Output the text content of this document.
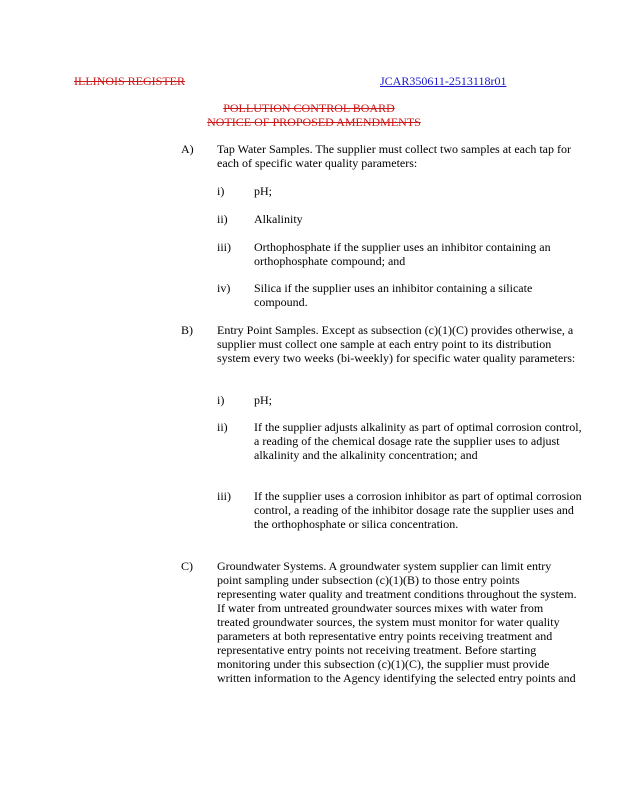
ILLINOIS REGISTER	JCAR350611-2513118r01
POLLUTION CONTROL BOARD
NOTICE OF PROPOSED AMENDMENTS
A) Tap Water Samples. The supplier must collect two samples at each tap for each of specific water quality parameters:

i) pH;

ii) Alkalinity

iii) Orthophosphate if the supplier uses an inhibitor containing an orthophosphate compound; and

iv) Silica if the supplier uses an inhibitor containing a silicate compound.

B) Entry Point Samples. Except as subsection (c)(1)(C) provides otherwise, a supplier must collect one sample at each entry point to its distribution system every two weeks (bi-weekly) for specific water quality parameters:

i) pH;

ii) If the supplier adjusts alkalinity as part of optimal corrosion control, a reading of the chemical dosage rate the supplier uses to adjust alkalinity and the alkalinity concentration; and

iii) If the supplier uses a corrosion inhibitor as part of optimal corrosion control, a reading of the inhibitor dosage rate the supplier uses and the orthophosphate or silica concentration.

C) Groundwater Systems. A groundwater system supplier can limit entry point sampling under subsection (c)(1)(B) to those entry points representing water quality and treatment conditions throughout the system. If water from untreated groundwater sources mixes with water from treated groundwater sources, the system must monitor for water quality parameters at both representative entry points receiving treatment and representative entry points not receiving treatment. Before starting monitoring under this subsection (c)(1)(C), the supplier must provide written information to the Agency identifying the selected entry points and
